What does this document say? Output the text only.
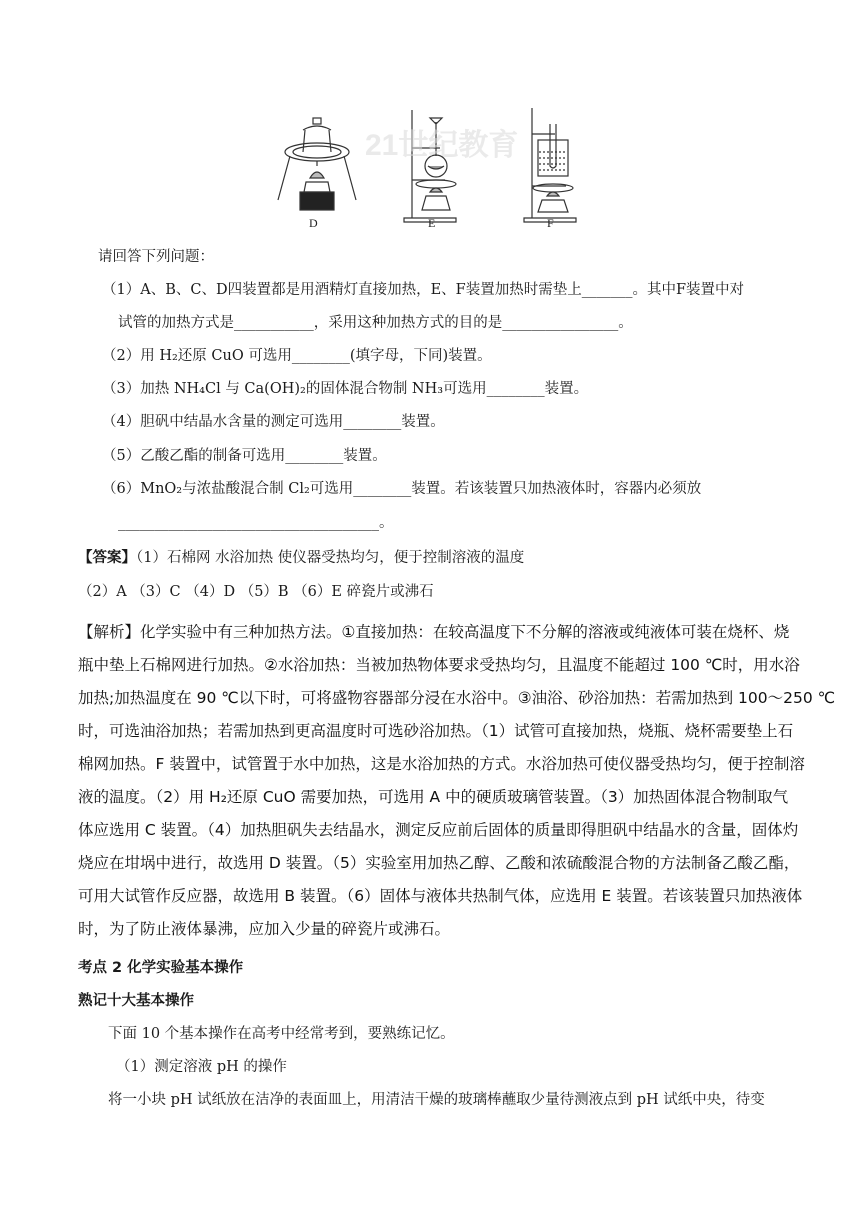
21世纪教育
D	E	F
请回答下列问题：
（1）A、B、C、D四装置都是用酒精灯直接加热，E、F装置加热时需垫上_______。其中F装置中对
试管的加热方式是___________，采用这种加热方式的目的是________________。
（2）用 H₂还原 CuO 可选用________(填字母，下同)装置。
（3）加热 NH₄Cl 与 Ca(OH)₂的固体混合物制 NH₃可选用________装置。
（4）胆矾中结晶水含量的测定可选用________装置。
（5）乙酸乙酯的制备可选用________装置。
（6）MnO₂与浓盐酸混合制 Cl₂可选用________装置。若该装置只加热液体时，容器内必须放
____________________________________。
【答案】（1）石棉网 水浴加热 使仪器受热均匀，便于控制溶液的温度
（2）A （3）C （4）D （5）B （6）E 碎瓷片或沸石
【解析】化学实验中有三种加热方法。①直接加热：在较高温度下不分解的溶液或纯液体可装在烧杯、烧
瓶中垫上石棉网进行加热。②水浴加热：当被加热物体要求受热均匀，且温度不能超过 100 ℃时，用水浴
加热;加热温度在 90 ℃以下时，可将盛物容器部分浸在水浴中。③油浴、砂浴加热：若需加热到 100～250 ℃
时，可选油浴加热；若需加热到更高温度时可选砂浴加热。（1）试管可直接加热，烧瓶、烧杯需要垫上石
棉网加热。F 装置中，试管置于水中加热，这是水浴加热的方式。水浴加热可使仪器受热均匀，便于控制溶
液的温度。（2）用 H₂还原 CuO 需要加热，可选用 A 中的硬质玻璃管装置。（3）加热固体混合物制取气
体应选用 C 装置。（4）加热胆矾失去结晶水，测定反应前后固体的质量即得胆矾中结晶水的含量，固体灼
烧应在坩埚中进行，故选用 D 装置。（5）实验室用加热乙醇、乙酸和浓硫酸混合物的方法制备乙酸乙酯，
可用大试管作反应器，故选用 B 装置。（6）固体与液体共热制气体，应选用 E 装置。若该装置只加热液体
时，为了防止液体暴沸，应加入少量的碎瓷片或沸石。
考点 2 化学实验基本操作
熟记十大基本操作
下面 10 个基本操作在高考中经常考到，要熟练记忆。
（1）测定溶液 pH 的操作
将一小块 pH 试纸放在洁净的表面皿上，用清洁干燥的玻璃棒蘸取少量待测液点到 pH 试纸中央，待变
